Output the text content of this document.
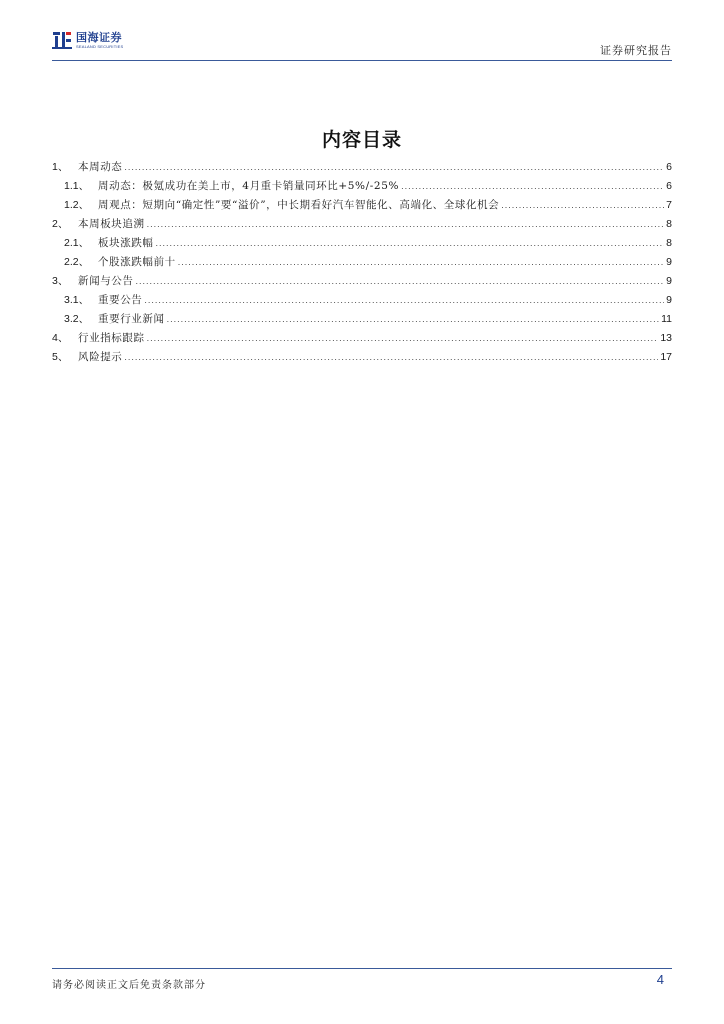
国海证券
SEALAND SECURITIES	证券研究报告
内容目录
1、 本周动态 .....	6
1.1、 周动态：极氪成功在美上市，4月重卡销量同环比+5%/-25% .....	6
1.2、 周观点：短期向“确定性”要“溢价”，中长期看好汽车智能化、高端化、全球化机会 .....	7
2、 本周板块追溯 .....	8
2.1、 板块涨跌幅 .....	8
2.2、 个股涨跌幅前十 .....	9
3、 新闻与公告 .....	9
3.1、 重要公告 .....	9
3.2、 重要行业新闻 .....	11
4、 行业指标跟踪 .....	13
5、 风险提示 .....	17
请务必阅读正文后免责条款部分	4
